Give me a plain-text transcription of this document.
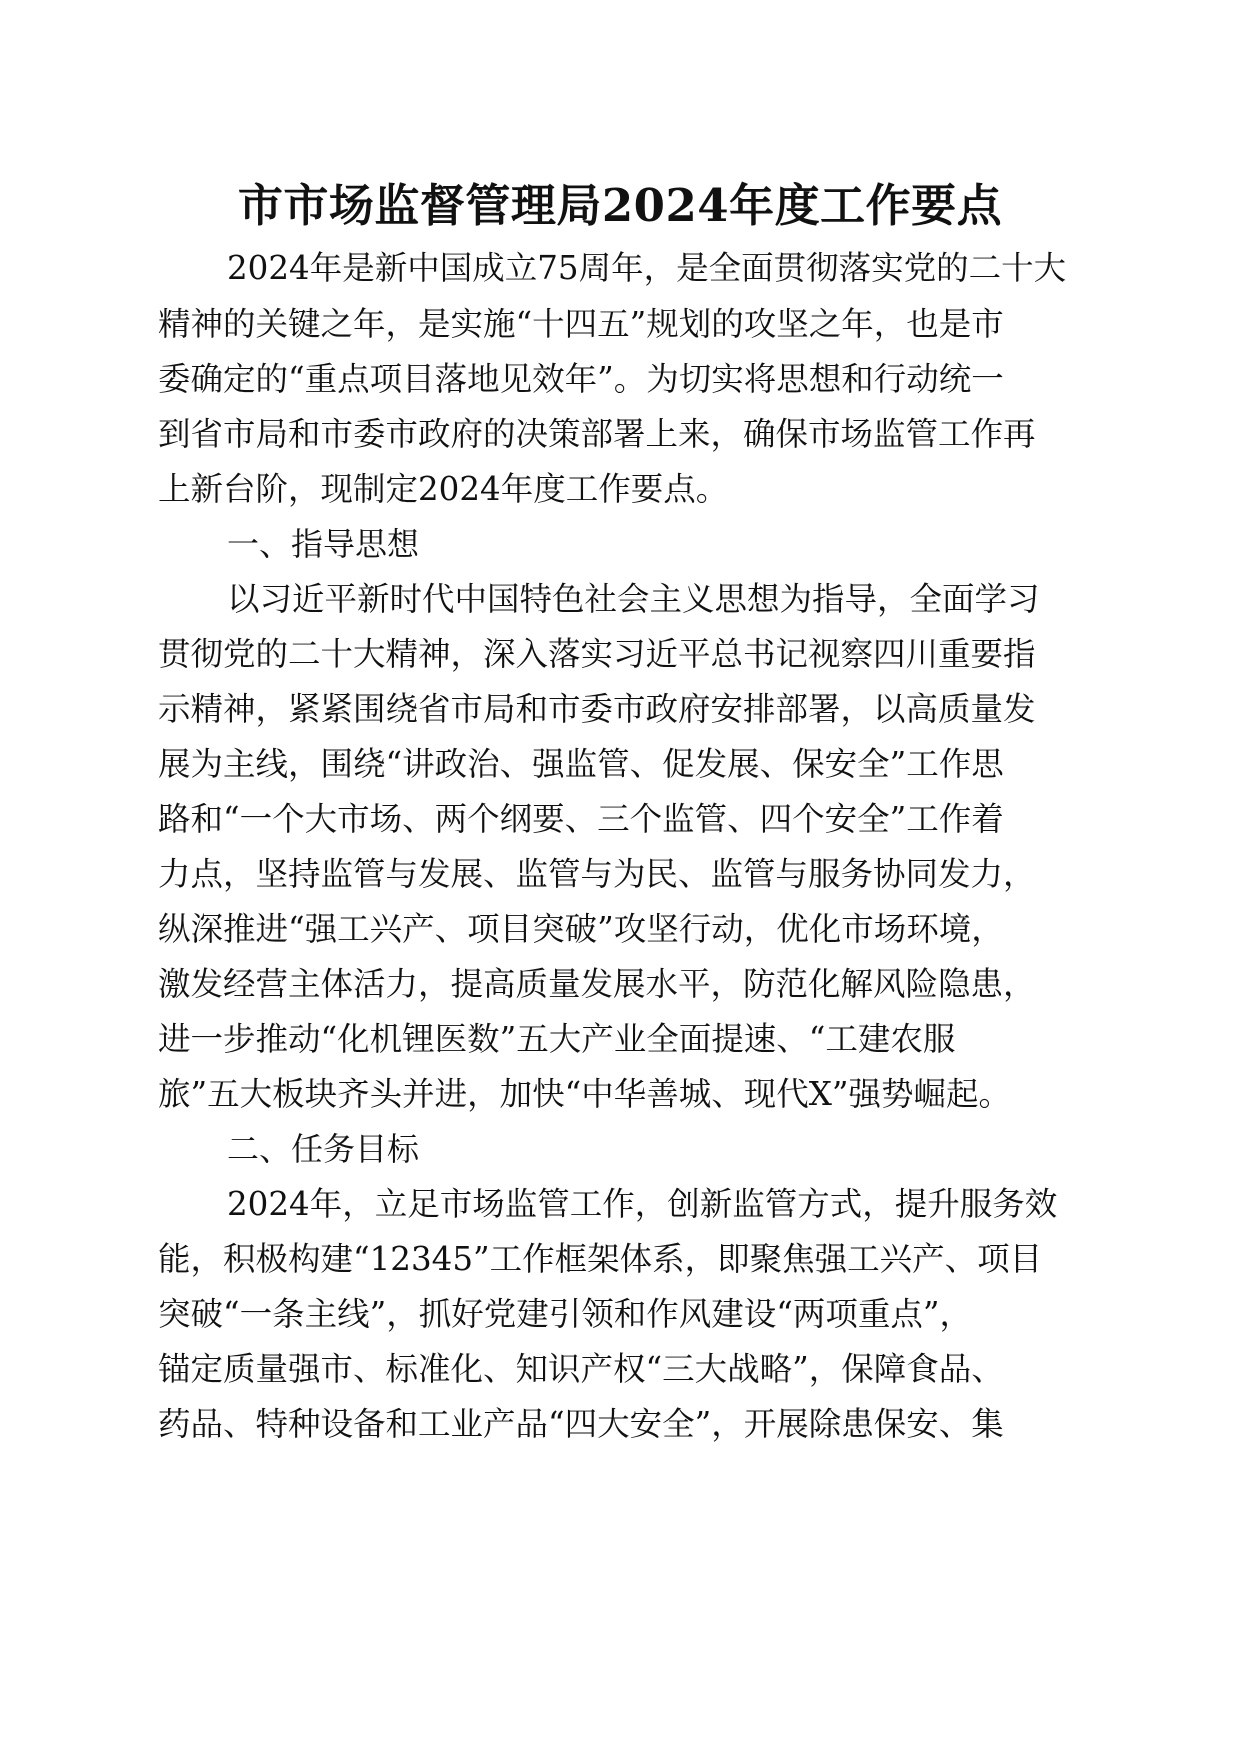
市市场监督管理局2024年度工作要点
2024年是新中国成立75周年，是全面贯彻落实党的二十大
精神的关键之年，是实施“十四五”规划的攻坚之年，也是市
委确定的“重点项目落地见效年”。为切实将思想和行动统一
到省市局和市委市政府的决策部署上来，确保市场监管工作再
上新台阶，现制定2024年度工作要点。
一、指导思想
以习近平新时代中国特色社会主义思想为指导，全面学习
贯彻党的二十大精神，深入落实习近平总书记视察四川重要指
示精神，紧紧围绕省市局和市委市政府安排部署，以高质量发
展为主线，围绕“讲政治、强监管、促发展、保安全”工作思
路和“一个大市场、两个纲要、三个监管、四个安全”工作着
力点，坚持监管与发展、监管与为民、监管与服务协同发力，
纵深推进“强工兴产、项目突破”攻坚行动，优化市场环境，
激发经营主体活力，提高质量发展水平，防范化解风险隐患，
进一步推动“化机锂医数”五大产业全面提速、“工建农服
旅”五大板块齐头并进，加快“中华善城、现代X”强势崛起。
二、任务目标
2024年，立足市场监管工作，创新监管方式，提升服务效
能，积极构建“12345”工作框架体系，即聚焦强工兴产、项目
突破“一条主线”，抓好党建引领和作风建设“两项重点”，
锚定质量强市、标准化、知识产权“三大战略”，保障食品、
药品、特种设备和工业产品“四大安全”，开展除患保安、集
